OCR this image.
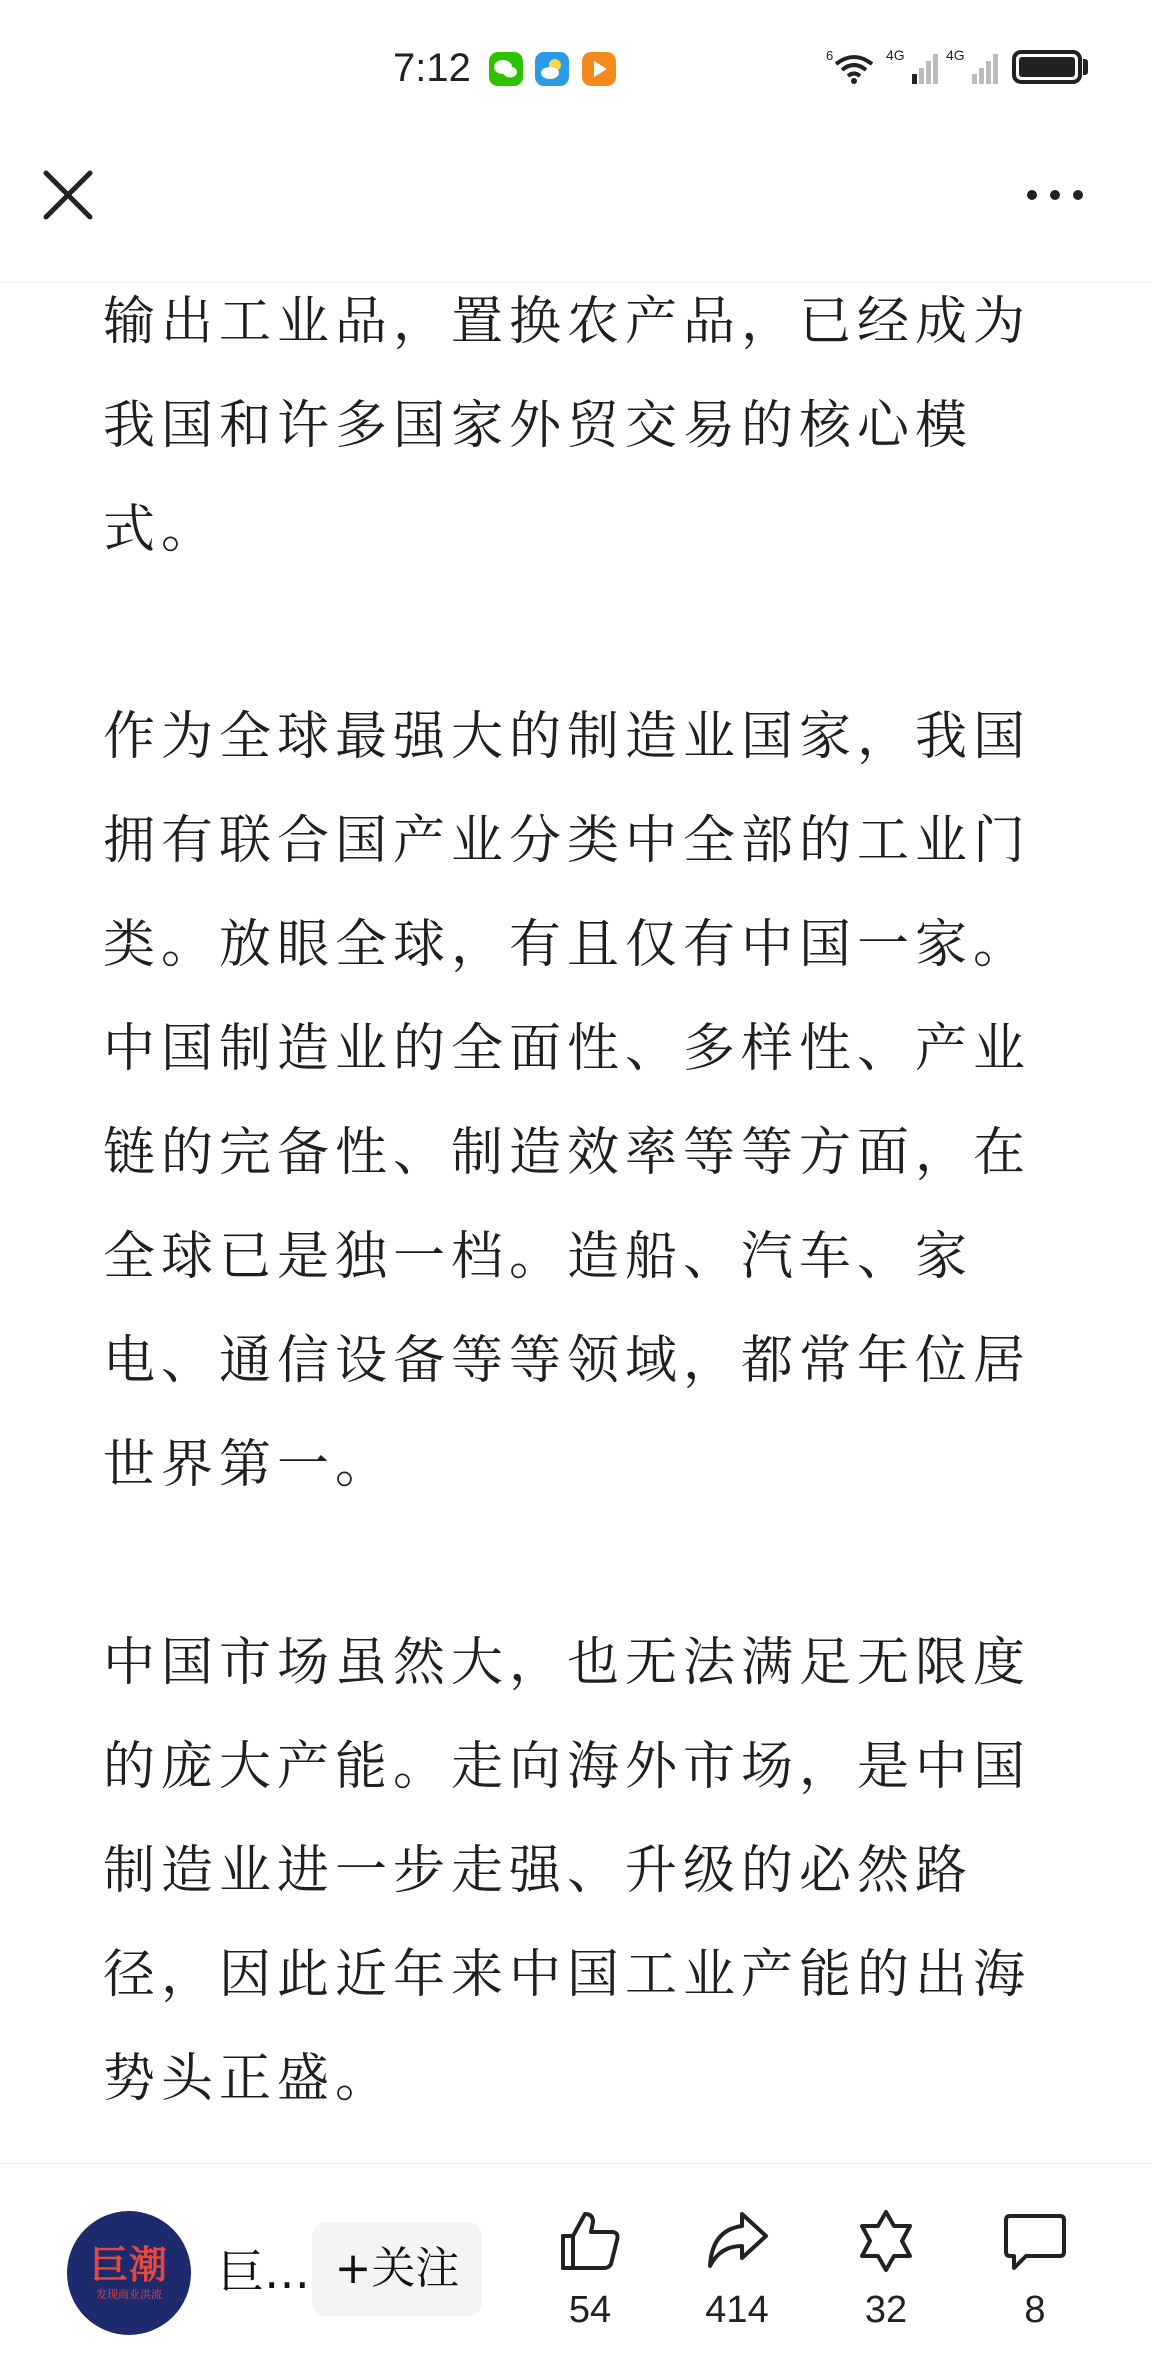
7:12	6	4G	4G

输出工业品，置换农产品，已经成为我国和许多国家外贸交易的核心模式。

作为全球最强大的制造业国家，我国拥有联合国产业分类中全部的工业门类。放眼全球，有且仅有中国一家。中国制造业的全面性、多样性、产业链的完备性、制造效率等等方面，在全球已是独一档。造船、汽车、家电、通信设备等等领域，都常年位居世界第一。

中国市场虽然大，也无法满足无限度的庞大产能。走向海外市场，是中国制造业进一步走强、升级的必然路径，因此近年来中国工业产能的出海势头正盛。

巨潮
发现商业洪流 巨… +关注
54	414	32	8
